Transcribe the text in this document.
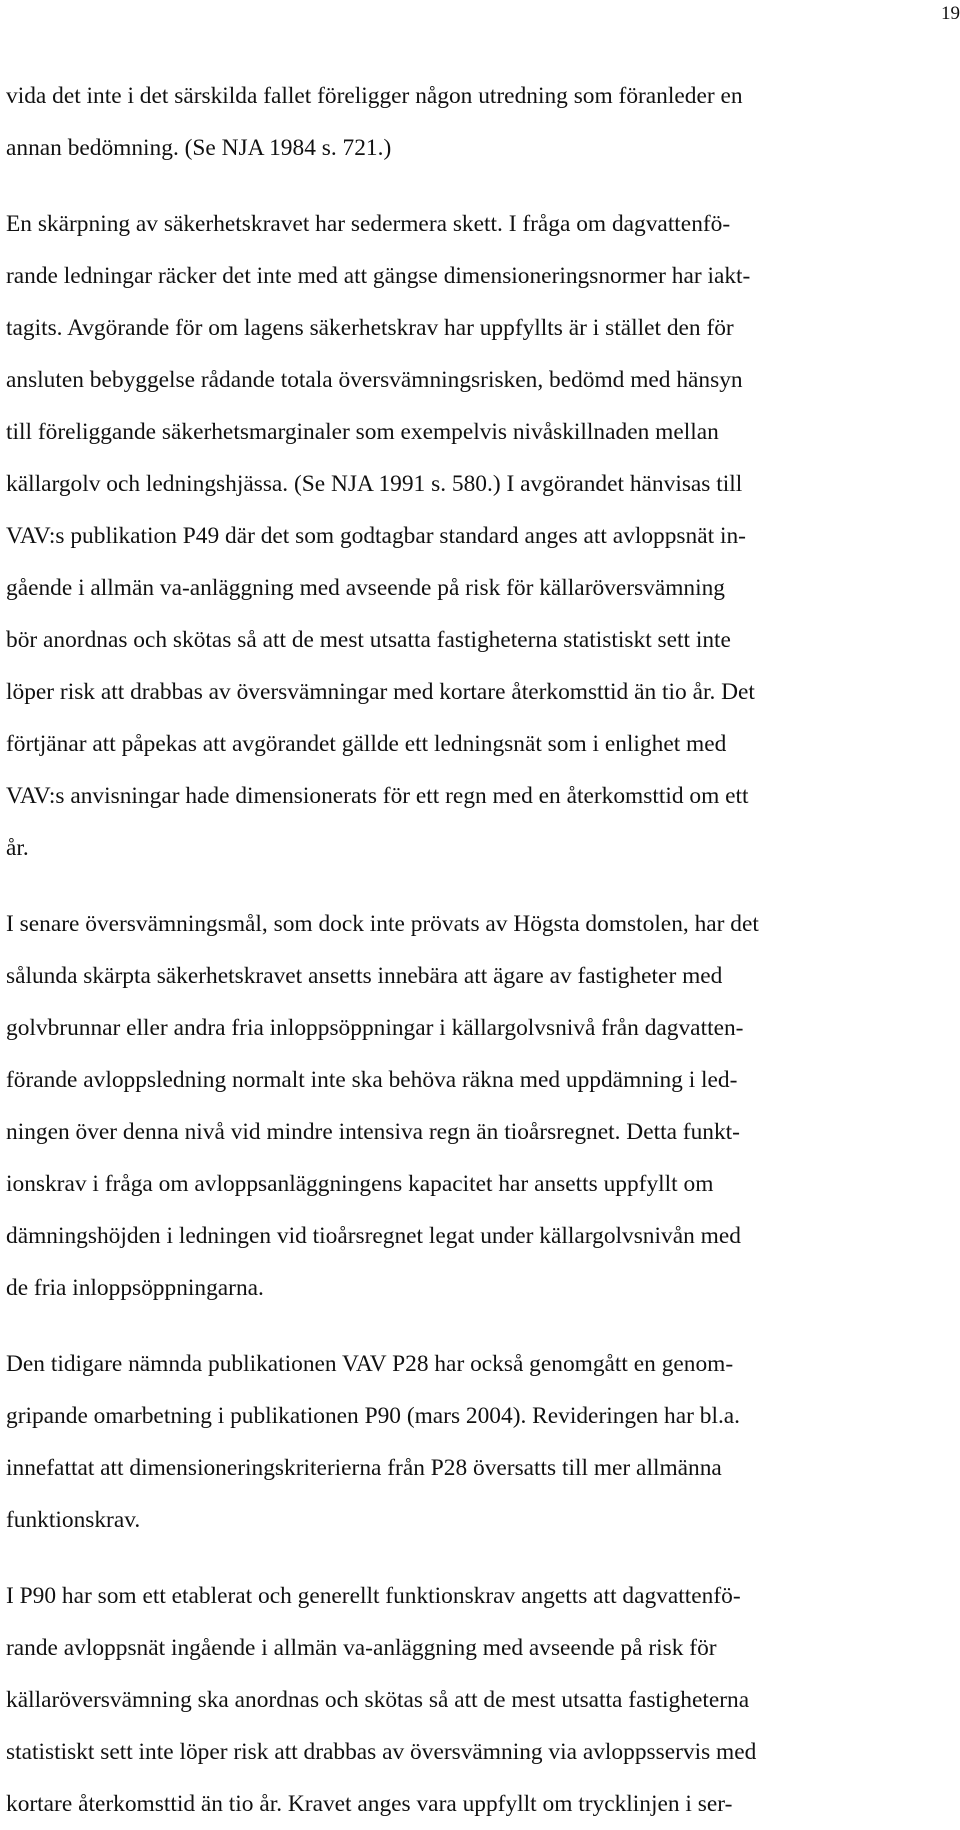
19

vida det inte i det särskilda fallet föreligger någon utredning som föranleder en
annan bedömning. (Se NJA 1984 s. 721.)

En skärpning av säkerhetskravet har sedermera skett. I fråga om dagvattenfö-
rande ledningar räcker det inte med att gängse dimensioneringsnormer har iakt-
tagits. Avgörande för om lagens säkerhetskrav har uppfyllts är i stället den för
ansluten bebyggelse rådande totala översvämningsrisken, bedömd med hänsyn
till föreliggande säkerhetsmarginaler som exempelvis nivåskillnaden mellan
källargolv och ledningshjässa. (Se NJA 1991 s. 580.) I avgörandet hänvisas till
VAV:s publikation P49 där det som godtagbar standard anges att avloppsnät in-
gående i allmän va-anläggning med avseende på risk för källaröversvämning
bör anordnas och skötas så att de mest utsatta fastigheterna statistiskt sett inte
löper risk att drabbas av översvämningar med kortare återkomsttid än tio år. Det
förtjänar att påpekas att avgörandet gällde ett ledningsnät som i enlighet med
VAV:s anvisningar hade dimensionerats för ett regn med en återkomsttid om ett
år.

I senare översvämningsmål, som dock inte prövats av Högsta domstolen, har det
sålunda skärpta säkerhetskravet ansetts innebära att ägare av fastigheter med
golvbrunnar eller andra fria inloppsöppningar i källargolvsnivå från dagvatten-
förande avloppsledning normalt inte ska behöva räkna med uppdämning i led-
ningen över denna nivå vid mindre intensiva regn än tioårsregnet. Detta funkt-
ionskrav i fråga om avloppsanläggningens kapacitet har ansetts uppfyllt om
dämningshöjden i ledningen vid tioårsregnet legat under källargolvsnivån med
de fria inloppsöppningarna.

Den tidigare nämnda publikationen VAV P28 har också genomgått en genom-
gripande omarbetning i publikationen P90 (mars 2004). Revideringen har bl.a.
innefattat att dimensioneringskriterierna från P28 översatts till mer allmänna
funktionskrav.

I P90 har som ett etablerat och generellt funktionskrav angetts att dagvattenfö-
rande avloppsnät ingående i allmän va-anläggning med avseende på risk för
källaröversvämning ska anordnas och skötas så att de mest utsatta fastigheterna
statistiskt sett inte löper risk att drabbas av översvämning via avloppsservis med
kortare återkomsttid än tio år. Kravet anges vara uppfyllt om trycklinjen i ser-
